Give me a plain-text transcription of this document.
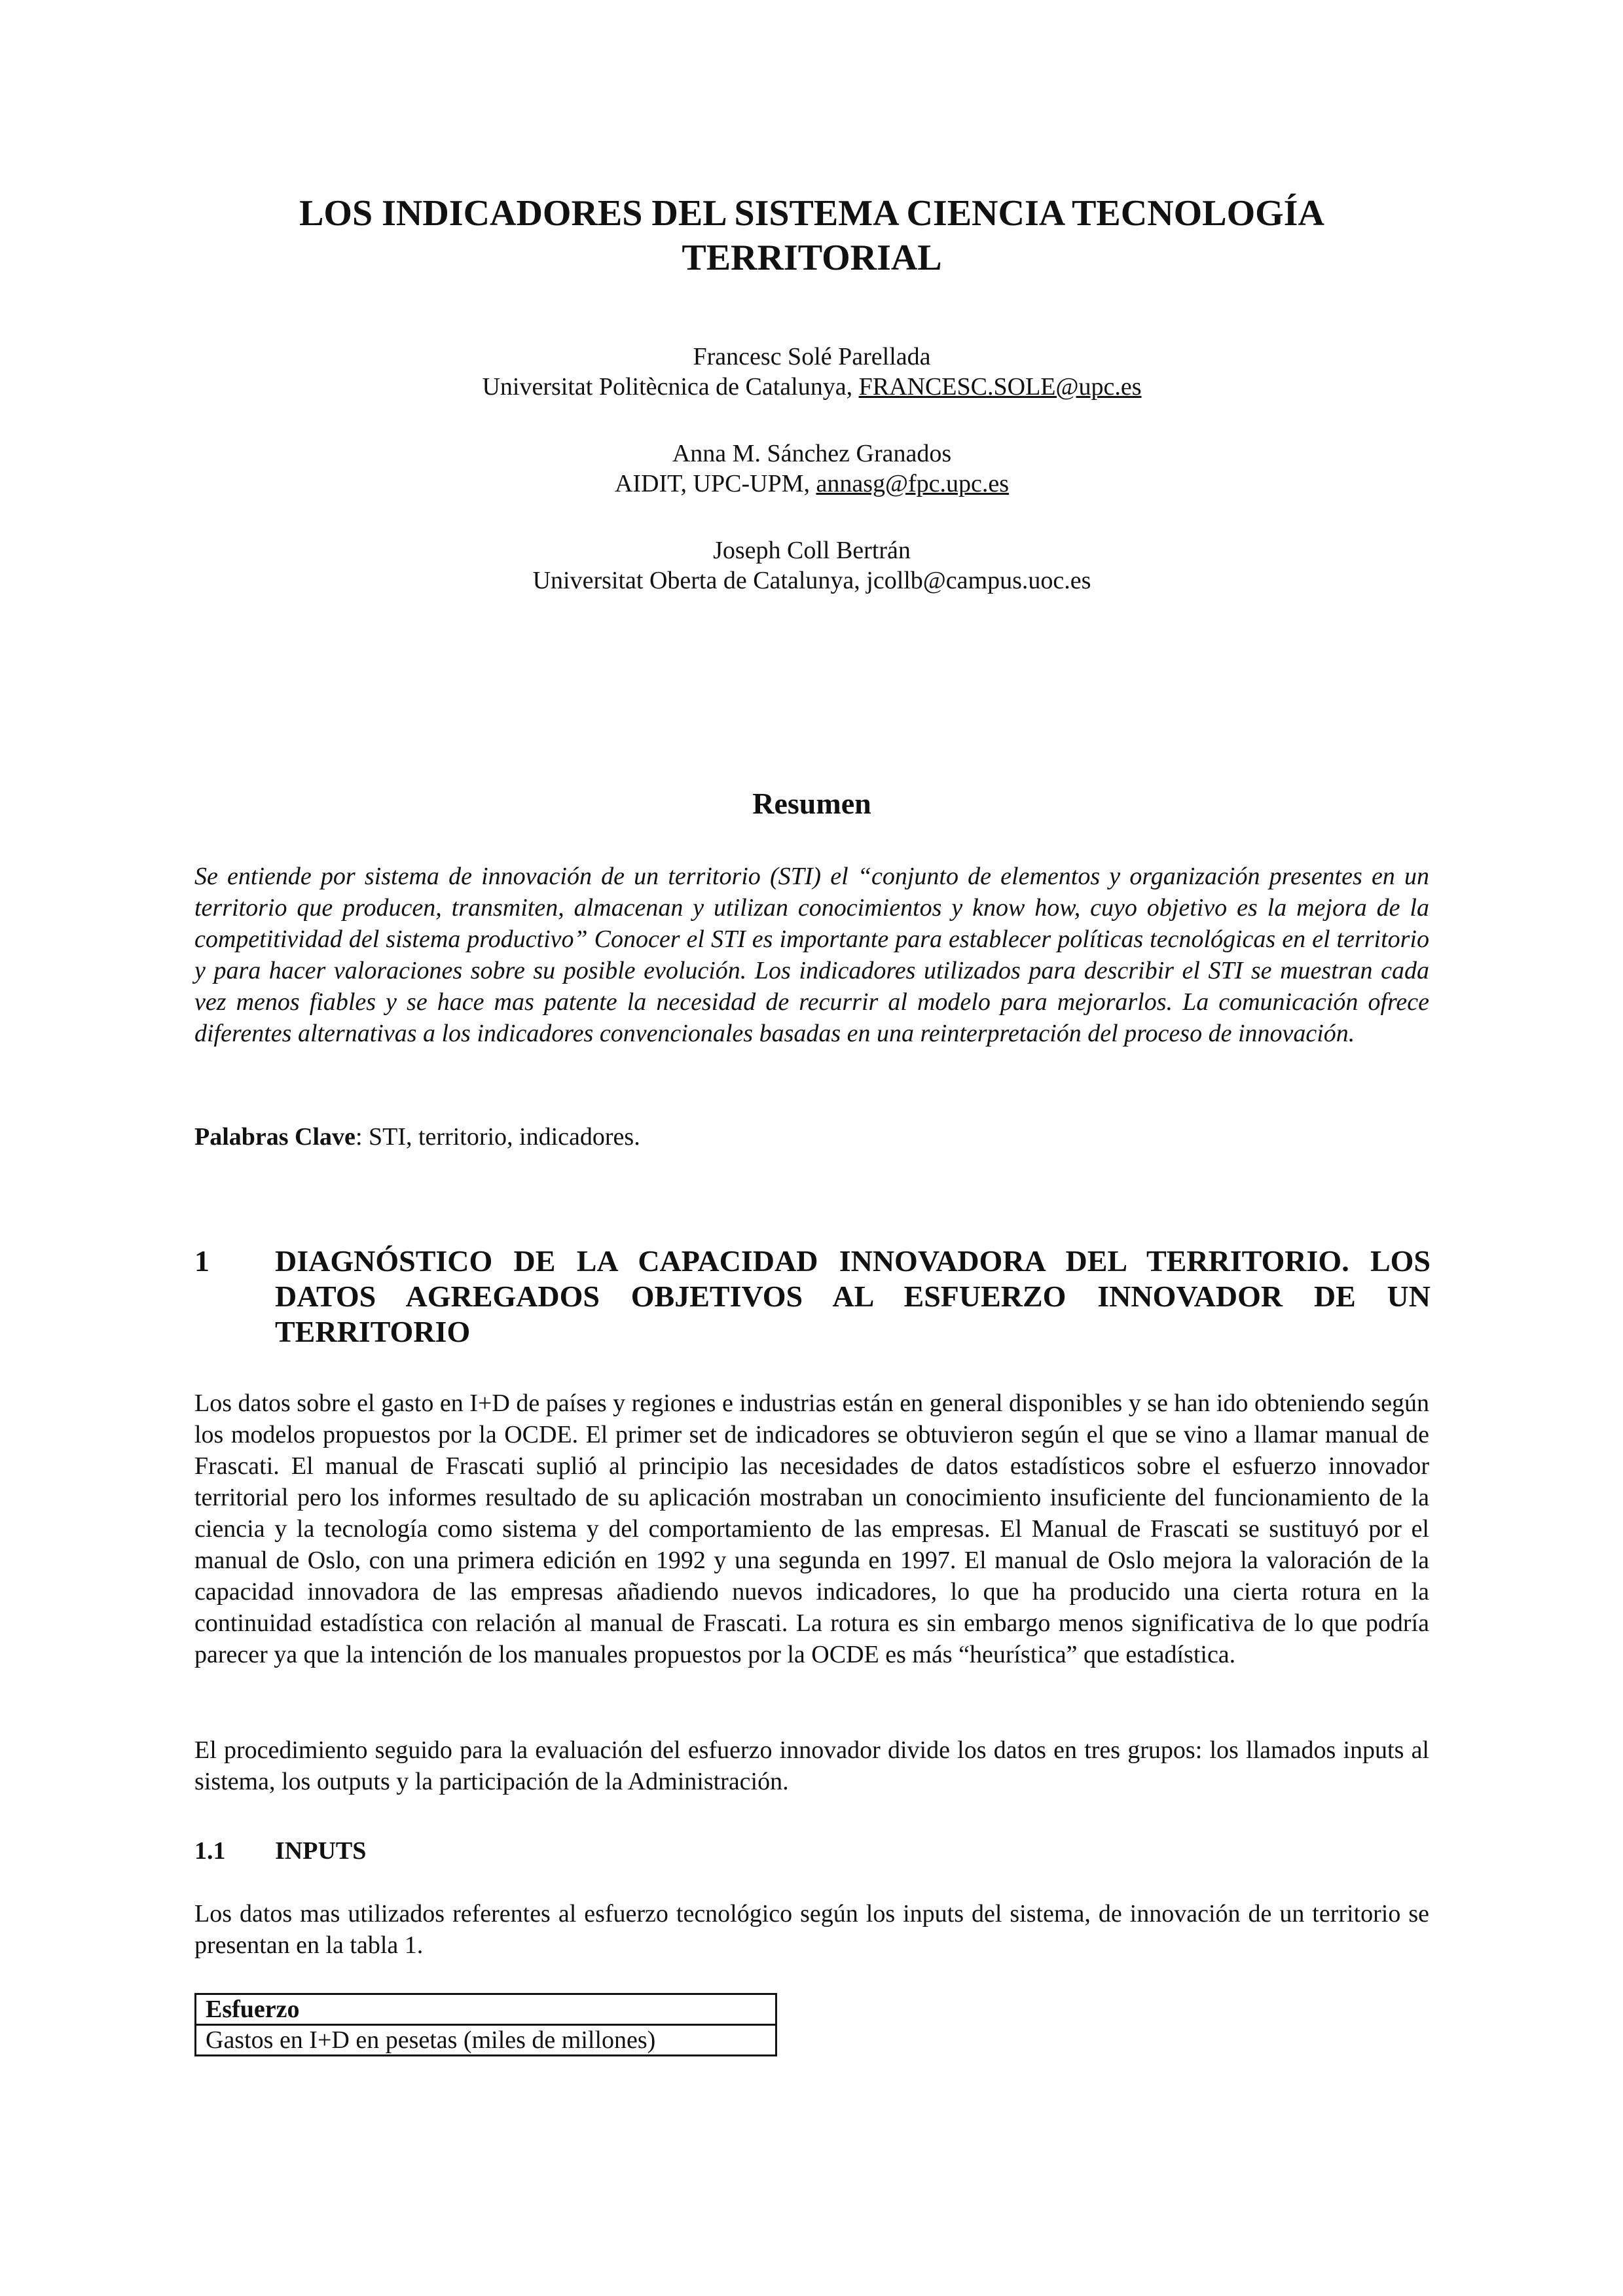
LOS INDICADORES DEL SISTEMA CIENCIA TECNOLOGÍA
TERRITORIAL
Francesc Solé Parellada
Universitat Politècnica de Catalunya, FRANCESC.SOLE@upc.es
Anna M. Sánchez Granados
AIDIT, UPC-UPM, annasg@fpc.upc.es
Joseph Coll Bertrán
Universitat Oberta de Catalunya, jcollb@campus.uoc.es
Resumen

Se entiende por sistema de innovación de un territorio (STI) el “conjunto de elementos y organización presentes en un territorio que producen, transmiten, almacenan y utilizan conocimientos y know how, cuyo objetivo es la mejora de la competitividad del sistema productivo” Conocer el STI es importante para establecer políticas tecnológicas en el territorio y para hacer valoraciones sobre su posible evolución. Los indicadores utilizados para describir el STI se muestran cada vez menos fiables y se hace mas patente la necesidad de recurrir al modelo para mejorarlos. La comunicación ofrece diferentes alternativas a los indicadores convencionales basadas en una reinterpretación del proceso de innovación.

Palabras Clave: STI, territorio, indicadores.

1 DIAGNÓSTICO DE LA CAPACIDAD INNOVADORA DEL TERRITORIO. LOS DATOS AGREGADOS OBJETIVOS AL ESFUERZO INNOVADOR DE UN TERRITORIO

Los datos sobre el gasto en I+D de países y regiones e industrias están en general disponibles y se han ido obteniendo según los modelos propuestos por la OCDE. El primer set de indicadores se obtuvieron según el que se vino a llamar manual de Frascati. El manual de Frascati suplió al principio las necesidades de datos estadísticos sobre el esfuerzo innovador territorial pero los informes resultado de su aplicación mostraban un conocimiento insuficiente del funcionamiento de la ciencia y la tecnología como sistema y del comportamiento de las empresas. El Manual de Frascati se sustituyó por el manual de Oslo, con una primera edición en 1992 y una segunda en 1997. El manual de Oslo mejora la valoración de la capacidad innovadora de las empresas añadiendo nuevos indicadores, lo que ha producido una cierta rotura en la continuidad estadística con relación al manual de Frascati. La rotura es sin embargo menos significativa de lo que podría parecer ya que la intención de los manuales propuestos por la OCDE es más “heurística” que estadística.

El procedimiento seguido para la evaluación del esfuerzo innovador divide los datos en tres grupos: los llamados inputs al sistema, los outputs y la participación de la Administración.

1.1 INPUTS

Los datos mas utilizados referentes al esfuerzo tecnológico según los inputs del sistema, de innovación de un territorio se presentan en la tabla 1.

Esfuerzo
Gastos en I+D en pesetas (miles de millones)
